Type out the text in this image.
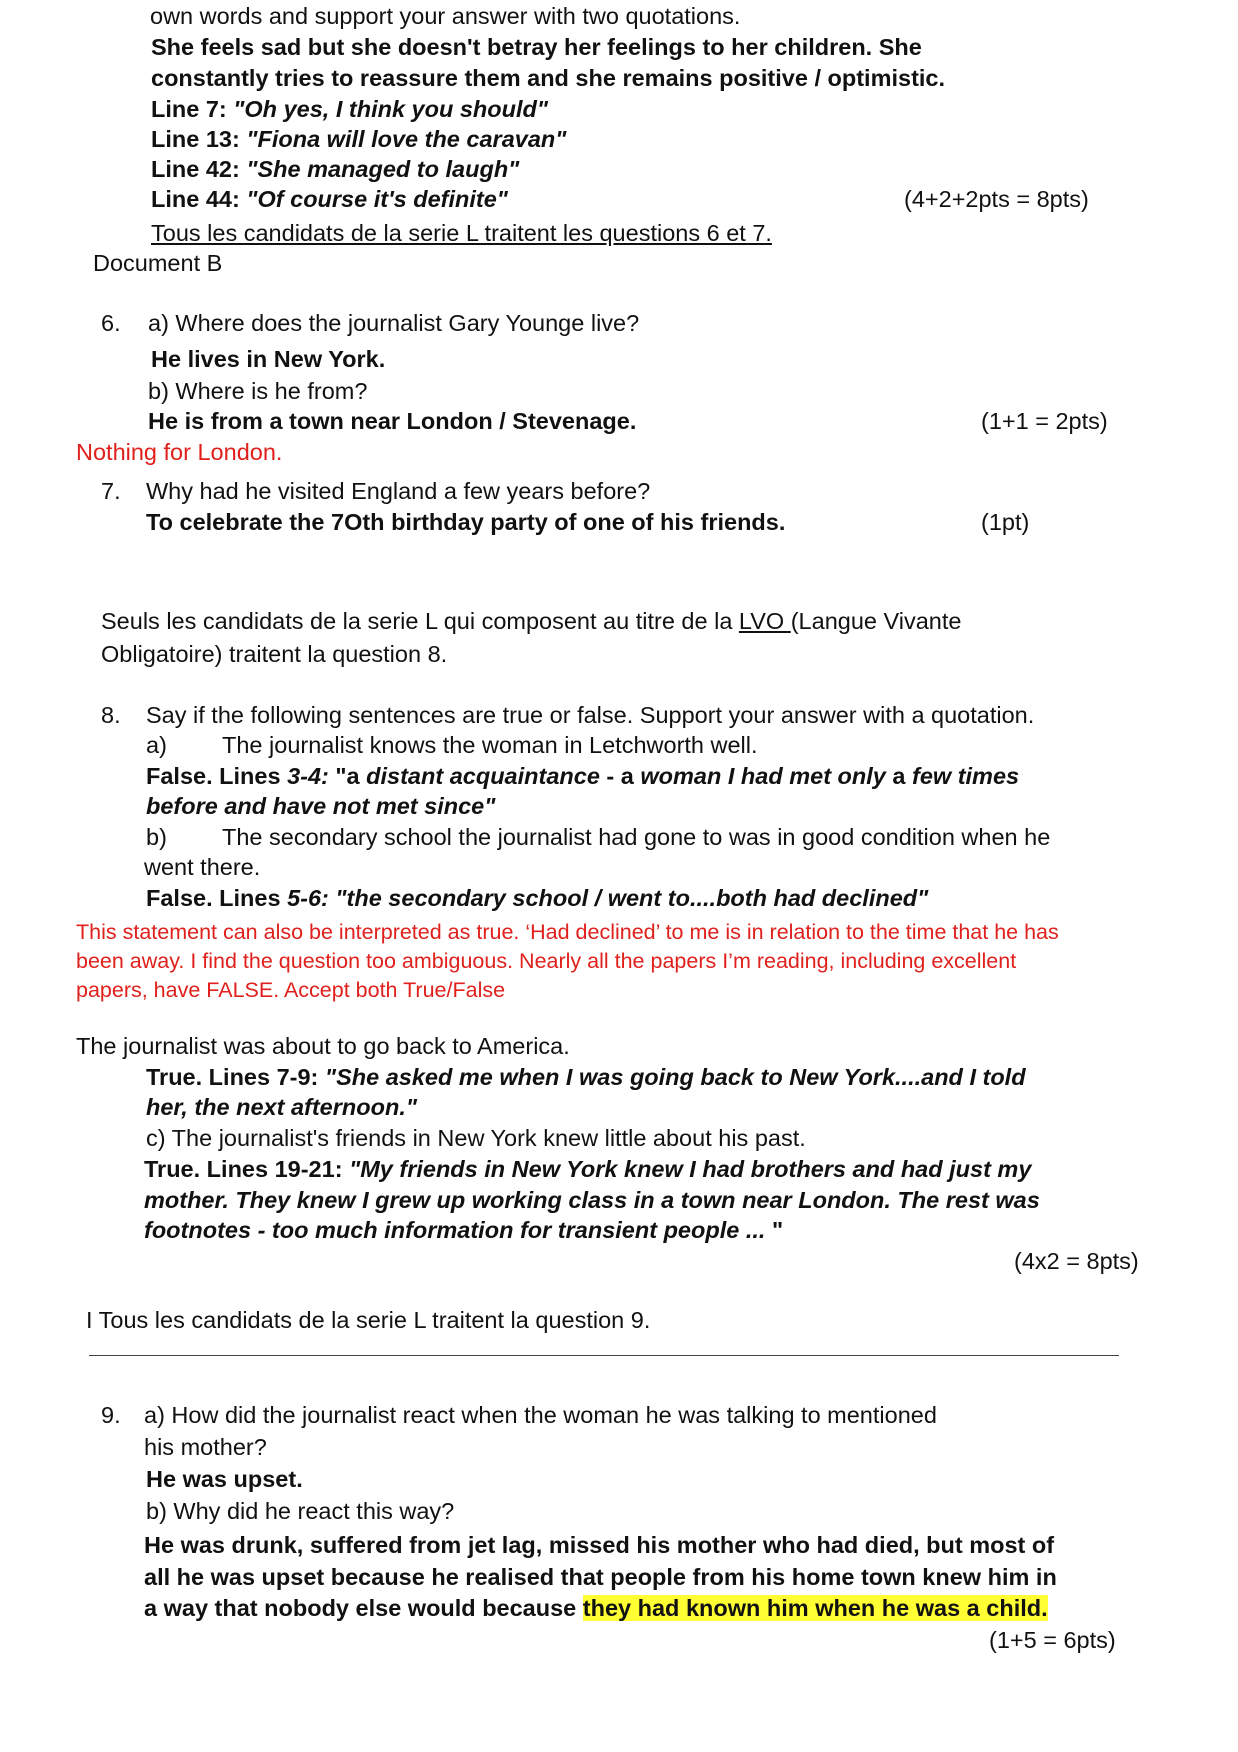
own words and support your answer with two quotations.
She feels sad but she doesn't betray her feelings to her children. She
constantly tries to reassure them and she remains positive / optimistic.
Line 7: "Oh yes, I think you should"
Line 13: "Fiona will love the caravan"
Line 42: "She managed to laugh"
Line 44: "Of course it's definite"	(4+2+2pts = 8pts)
Tous les candidats de la serie L traitent les questions 6 et 7.
Document B
6. a) Where does the journalist Gary Younge live?
He lives in New York.
b) Where is he from?
He is from a town near London / Stevenage.	(1+1 = 2pts)
Nothing for London.
7. Why had he visited England a few years before?
To celebrate the 7Oth birthday party of one of his friends.	(1pt)
Seuls les candidats de la serie L qui composent au titre de la LVO (Langue Vivante
Obligatoire) traitent la question 8.
8. Say if the following sentences are true or false. Support your answer with a quotation.
a) The journalist knows the woman in Letchworth well.
False. Lines 3-4: "a distant acquaintance - a woman I had met only a few times
before and have not met since"
b) The secondary school the journalist had gone to was in good condition when he
went there.
False. Lines 5-6: "the secondary school / went to....both had declined"
This statement can also be interpreted as true. ‘Had declined’ to me is in relation to the time that he has
been away. I find the question too ambiguous. Nearly all the papers I’m reading, including excellent
papers, have FALSE. Accept both True/False
The journalist was about to go back to America.
True. Lines 7-9: "She asked me when I was going back to New York....and I told
her, the next afternoon."
c) The journalist's friends in New York knew little about his past.
True. Lines 19-21: "My friends in New York knew I had brothers and had just my
mother. They knew I grew up working class in a town near London. The rest was
footnotes - too much information for transient people ... "
(4x2 = 8pts)
I Tous les candidats de la serie L traitent la question 9.
9. a) How did the journalist react when the woman he was talking to mentioned
his mother?
He was upset.
b) Why did he react this way?
He was drunk, suffered from jet lag, missed his mother who had died, but most of
all he was upset because he realised that people from his home town knew him in
a way that nobody else would because they had known him when he was a child.
(1+5 = 6pts)
